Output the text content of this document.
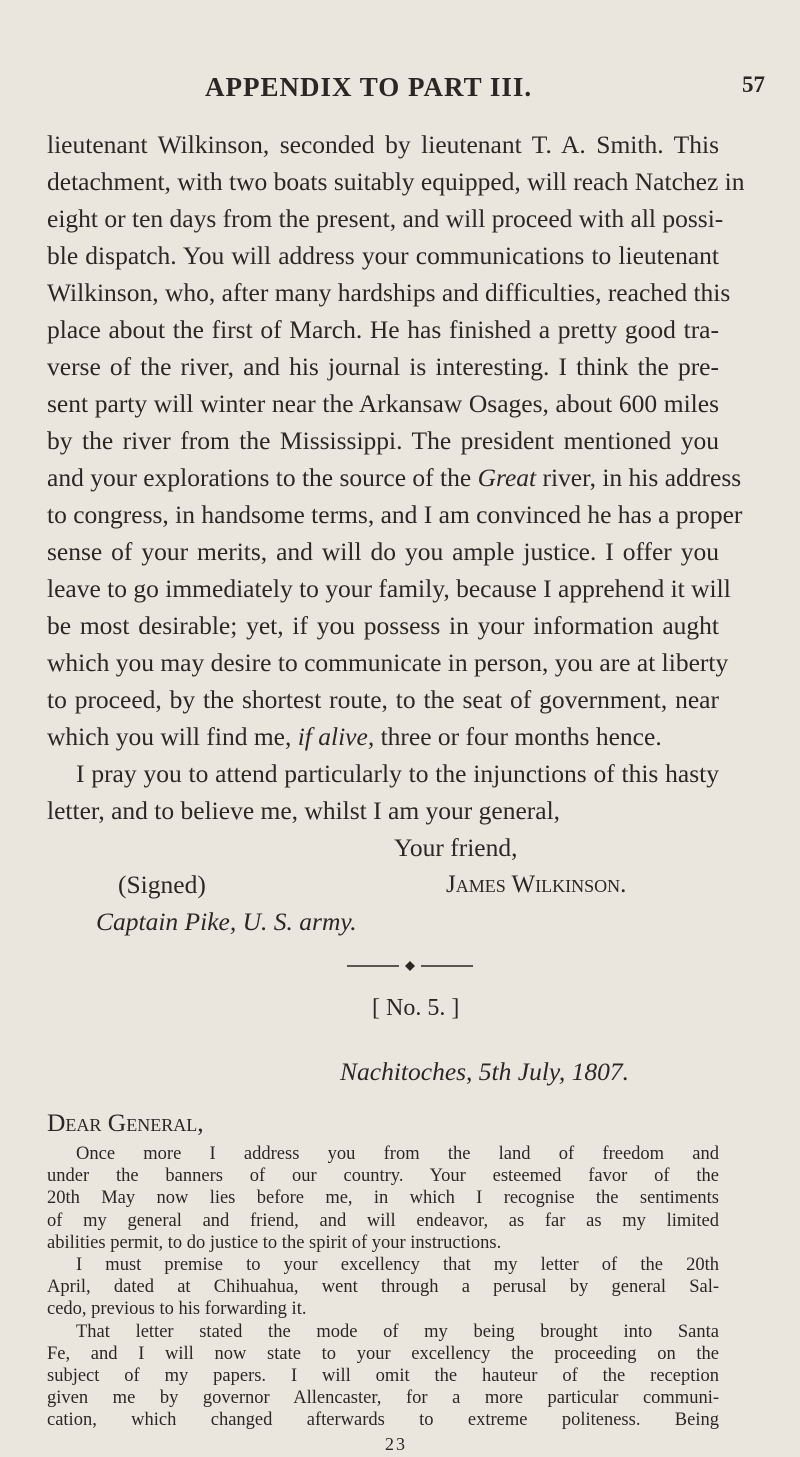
APPENDIX TO PART III.	57
lieutenant Wilkinson, seconded by lieutenant T. A. Smith. This
detachment, with two boats suitably equipped, will reach Natchez in
eight or ten days from the present, and will proceed with all possi-
ble dispatch. You will address your communications to lieutenant
Wilkinson, who, after many hardships and difficulties, reached this
place about the first of March. He has finished a pretty good tra-
verse of the river, and his journal is interesting. I think the pre-
sent party will winter near the Arkansaw Osages, about 600 miles
by the river from the Mississippi. The president mentioned you
and your explorations to the source of the Great river, in his address
to congress, in handsome terms, and I am convinced he has a proper
sense of your merits, and will do you ample justice. I offer you
leave to go immediately to your family, because I apprehend it will
be most desirable; yet, if you possess in your information aught
which you may desire to communicate in person, you are at liberty
to proceed, by the shortest route, to the seat of government, near
which you will find me, if alive, three or four months hence.
I pray you to attend particularly to the injunctions of this hasty
letter, and to believe me, whilst I am your general,
Your friend,
(Signed)	James Wilkinson.
Captain Pike, U. S. army.
[ No. 5. ]
Nachitoches, 5th July, 1807.
Dear General,
Once more I address you from the land of freedom and
under the banners of our country. Your esteemed favor of the
20th May now lies before me, in which I recognise the sentiments
of my general and friend, and will endeavor, as far as my limited
abilities permit, to do justice to the spirit of your instructions.
I must premise to your excellency that my letter of the 20th
April, dated at Chihuahua, went through a perusal by general Sal-
cedo, previous to his forwarding it.
That letter stated the mode of my being brought into Santa
Fe, and I will now state to your excellency the proceeding on the
subject of my papers. I will omit the hauteur of the reception
given me by governor Allencaster, for a more particular communi-
cation, which changed afterwards to extreme politeness. Being
23
